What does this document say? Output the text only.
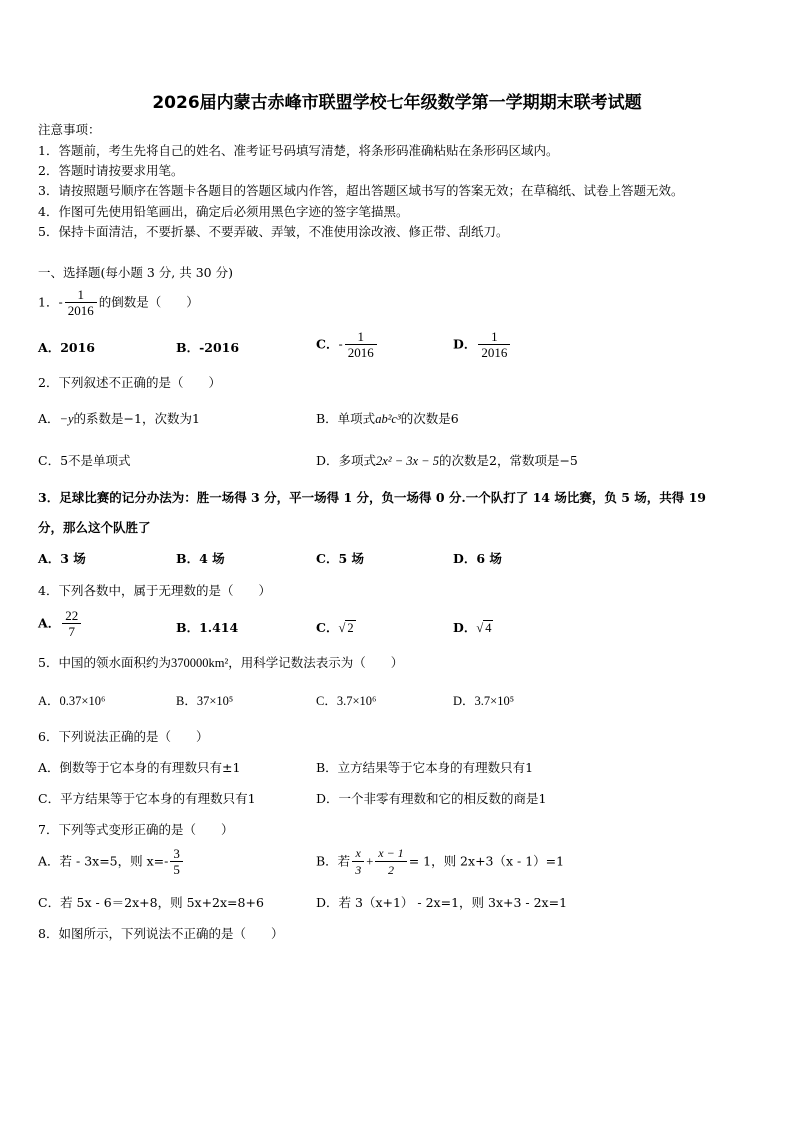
2026届内蒙古赤峰市联盟学校七年级数学第一学期期末联考试题
注意事项：
1．答题前，考生先将自己的姓名、准考证号码填写清楚，将条形码准确粘贴在条形码区域内。
2．答题时请按要求用笔。
3．请按照题号顺序在答题卡各题目的答题区域内作答，超出答题区域书写的答案无效；在草稿纸、试卷上答题无效。
4．作图可先使用铅笔画出，确定后必须用黑色字迹的签字笔描黑。
5．保持卡面清洁，不要折暴、不要弄破、弄皱，不准使用涂改液、修正带、刮纸刀。
一、选择题(每小题 3 分, 共 30 分)
1．- $\frac{1}{2016}$ 的倒数是（　　）
A．2016	B．-2016	C．- $\frac{1}{2016}$	D． $\frac{1}{2016}$
2．下列叙述不正确的是（　　）
A．−y的系数是−1，次数为1	B．单项式ab²c³的次数是6
C．5不是单项式	D．多项式2x² − 3x − 5的次数是2，常数项是−5
3．足球比赛的记分办法为：胜一场得 3 分，平一场得 1 分，负一场得 0 分.一个队打了 14 场比赛，负 5 场，共得 19
分，那么这个队胜了
A．3 场	B．4 场	C．5 场	D．6 场
4．下列各数中，属于无理数的是（　　）
A． $\frac{22}{7}$	B．1.414	C．√ 2	D．√ 4
5．中国的领水面积约为370000km²，用科学记数法表示为（　　）
A．0.37×10⁶	B．37×10⁵	C．3.7×10⁶	D．3.7×10⁵
6．下列说法正确的是（　　）
A．倒数等于它本身的有理数只有±1	B．立方结果等于它本身的有理数只有1
C．平方结果等于它本身的有理数只有1	D．一个非零有理数和它的相反数的商是1
7．下列等式变形正确的是（　　）
A．若 - 3x=5，则 $x=- \frac{3}{5}$	B．若 $\frac{x}{3} + \frac{x - 1}{2} = 1$，则 2x+3（x - 1）=1
C．若 5x - 6＝2x+8，则 5x+2x=8+6	D．若 3（x+1） - 2x=1，则 3x+3 - 2x=1
8．如图所示，下列说法不正确的是（　　）
